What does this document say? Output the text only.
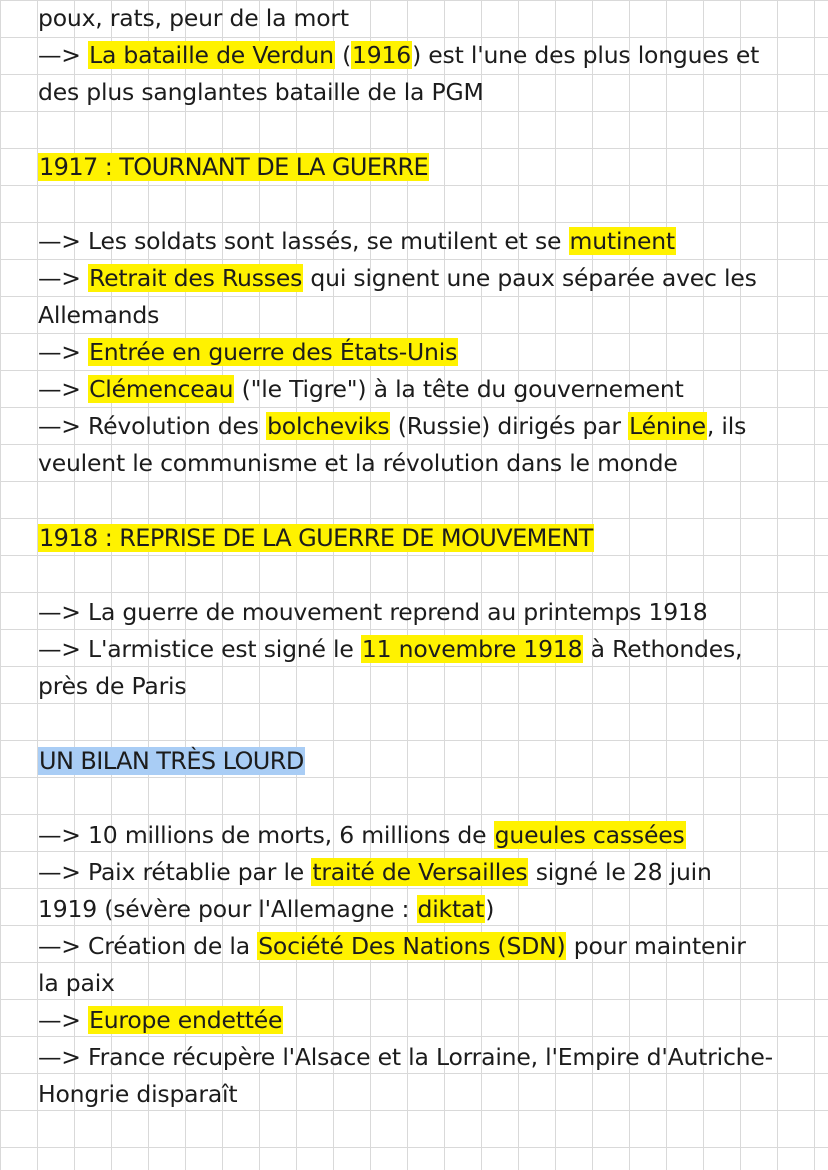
poux, rats, peur de la mort
—> La bataille de Verdun (1916) est l'une des plus longues et
des plus sanglantes bataille de la PGM
1917 : TOURNANT DE LA GUERRE
—> Les soldats sont lassés, se mutilent et se mutinent
—> Retrait des Russes qui signent une paux séparée avec les
Allemands
—> Entrée en guerre des États-Unis
—> Clémenceau ("le Tigre") à la tête du gouvernement
—> Révolution des bolcheviks (Russie) dirigés par Lénine, ils
veulent le communisme et la révolution dans le monde
1918 : REPRISE DE LA GUERRE DE MOUVEMENT
—> La guerre de mouvement reprend au printemps 1918
—> L'armistice est signé le 11 novembre 1918 à Rethondes,
près de Paris
UN BILAN TRÈS LOURD
—> 10 millions de morts, 6 millions de gueules cassées
—> Paix rétablie par le traité de Versailles signé le 28 juin
1919 (sévère pour l'Allemagne : diktat)
—> Création de la Société Des Nations (SDN) pour maintenir
la paix
—> Europe endettée
—> France récupère l'Alsace et la Lorraine, l'Empire d'Autriche-
Hongrie disparaît
